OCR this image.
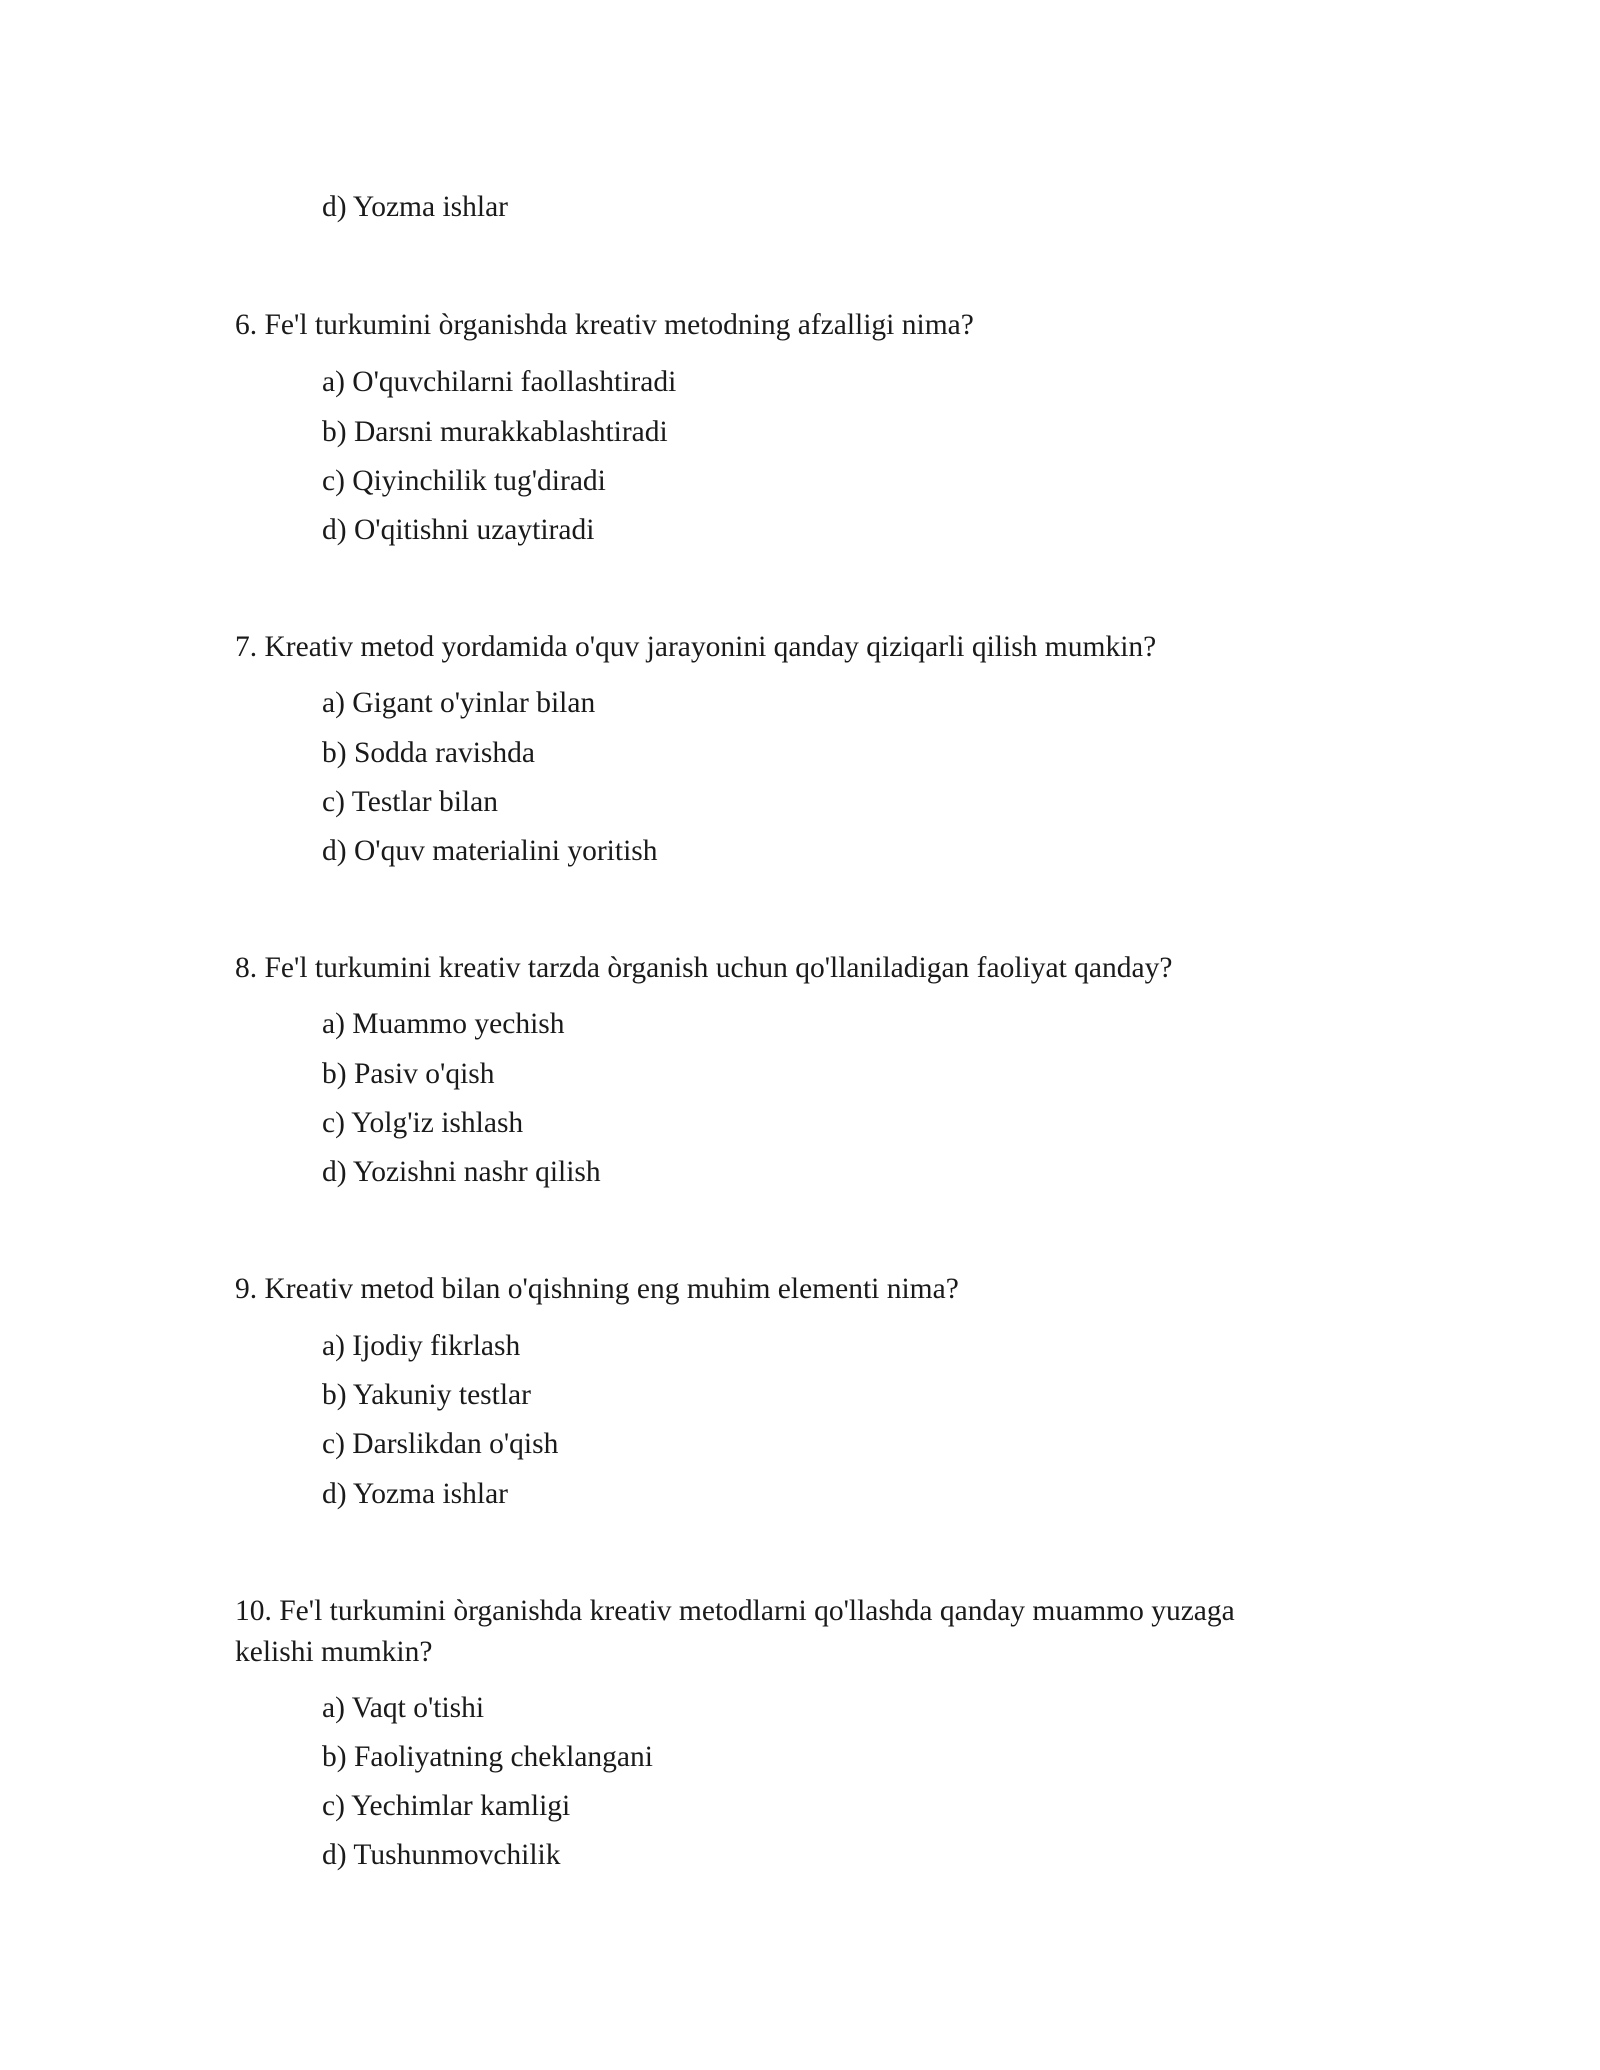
d) Yozma ishlar
6. Fe'l turkumini òrganishda kreativ metodning afzalligi nima?
a) O'quvchilarni faollashtiradi
b) Darsni murakkablashtiradi
c) Qiyinchilik tug'diradi
d) O'qitishni uzaytiradi
7. Kreativ metod yordamida o'quv jarayonini qanday qiziqarli qilish mumkin?
a) Gigant o'yinlar bilan
b) Sodda ravishda
c) Testlar bilan
d) O'quv materialini yoritish
8. Fe'l turkumini kreativ tarzda òrganish uchun qo'llaniladigan faoliyat qanday?
a) Muammo yechish
b) Pasiv o'qish
c) Yolg'iz ishlash
d) Yozishni nashr qilish
9. Kreativ metod bilan o'qishning eng muhim elementi nima?
a) Ijodiy fikrlash
b) Yakuniy testlar
c) Darslikdan o'qish
d) Yozma ishlar
10. Fe'l turkumini òrganishda kreativ metodlarni qo'llashda qanday muammo yuzaga
kelishi mumkin?
a) Vaqt o'tishi
b) Faoliyatning cheklangani
c) Yechimlar kamligi
d) Tushunmovchilik
